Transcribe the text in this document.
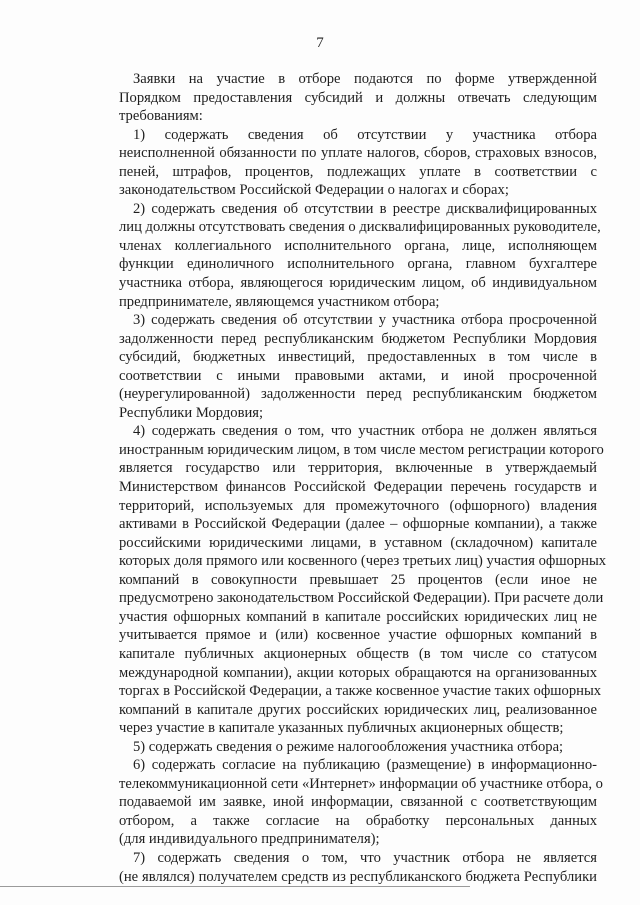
7
Заявки на участие в отборе подаются по форме утвержденной
Порядком предоставления субсидий и должны отвечать следующим
требованиям:
1) содержать сведения об отсутствии у участника отбора
неисполненной обязанности по уплате налогов, сборов, страховых взносов,
пеней, штрафов, процентов, подлежащих уплате в соответствии с
законодательством Российской Федерации о налогах и сборах;
2) содержать сведения об отсутствии в реестре дисквалифицированных
лиц должны отсутствовать сведения о дисквалифицированных руководителе,
членах коллегиального исполнительного органа, лице, исполняющем
функции единоличного исполнительного органа, главном бухгалтере
участника отбора, являющегося юридическим лицом, об индивидуальном
предпринимателе, являющемся участником отбора;
3) содержать сведения об отсутствии у участника отбора просроченной
задолженности перед республиканским бюджетом Республики Мордовия
субсидий, бюджетных инвестиций, предоставленных в том числе в
соответствии с иными правовыми актами, и иной просроченной
(неурегулированной) задолженности перед республиканским бюджетом
Республики Мордовия;
4) содержать сведения о том, что участник отбора не должен являться
иностранным юридическим лицом, в том числе местом регистрации которого
является государство или территория, включенные в утверждаемый
Министерством финансов Российской Федерации перечень государств и
территорий, используемых для промежуточного (офшорного) владения
активами в Российской Федерации (далее – офшорные компании), а также
российскими юридическими лицами, в уставном (складочном) капитале
которых доля прямого или косвенного (через третьих лиц) участия офшорных
компаний в совокупности превышает 25 процентов (если иное не
предусмотрено законодательством Российской Федерации). При расчете доли
участия офшорных компаний в капитале российских юридических лиц не
учитывается прямое и (или) косвенное участие офшорных компаний в
капитале публичных акционерных обществ (в том числе со статусом
международной компании), акции которых обращаются на организованных
торгах в Российской Федерации, а также косвенное участие таких офшорных
компаний в капитале других российских юридических лиц, реализованное
через участие в капитале указанных публичных акционерных обществ;
5) содержать сведения о режиме налогообложения участника отбора;
6) содержать согласие на публикацию (размещение) в информационно-
телекоммуникационной сети «Интернет» информации об участнике отбора, о
подаваемой им заявке, иной информации, связанной с соответствующим
отбором, а также согласие на обработку персональных данных
(для индивидуального предпринимателя);
7) содержать сведения о том, что участник отбора не является
(не являлся) получателем средств из республиканского бюджета Республики
